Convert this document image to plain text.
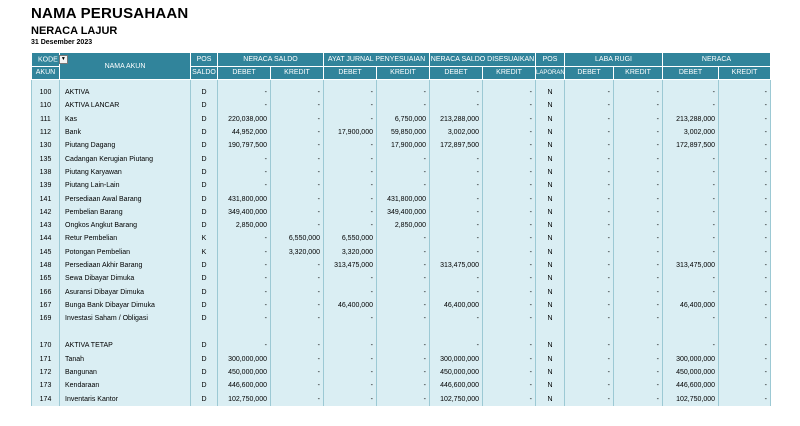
NAMA PERUSAHAAN
NERACA LAJUR
31 Desember 2023
KODE ▼	NAMA AKUN	POS	NERACA SALDO		AYAT JURNAL PENYESUAIAN		NERACA SALDO DISESUAIKAN		POS	LABA RUGI		NERACA	
AKUN		SALDO	DEBET	KREDIT	DEBET	KREDIT	DEBET	KREDIT	LAPORAN	DEBET	KREDIT	DEBET	KREDIT

100	AKTIVA	D	-	-	-	-	-	-	N	-	-	-	-
110	AKTIVA LANCAR	D	-	-	-	-	-	-	N	-	-	-	-
111	Kas	D	220,038,000	-	-	6,750,000	213,288,000	-	N	-	-	213,288,000	-
112	Bank	D	44,952,000	-	17,900,000	59,850,000	3,002,000	-	N	-	-	3,002,000	-
130	Piutang Dagang	D	190,797,500	-	-	17,900,000	172,897,500	-	N	-	-	172,897,500	-
135	Cadangan Kerugian Piutang	D	-	-	-	-	-	-	N	-	-	-	-
138	Piutang Karyawan	D	-	-	-	-	-	-	N	-	-	-	-
139	Piutang Lain-Lain	D	-	-	-	-	-	-	N	-	-	-	-
141	Persediaan Awal Barang	D	431,800,000	-	-	431,800,000	-	-	N	-	-	-	-
142	Pembelian Barang	D	349,400,000	-	-	349,400,000	-	-	N	-	-	-	-
143	Ongkos Angkut Barang	D	2,850,000	-	-	2,850,000	-	-	N	-	-	-	-
144	Retur Pembelian	K	-	6,550,000	6,550,000	-	-	-	N	-	-	-	-
145	Potongan Pembelian	K	-	3,320,000	3,320,000	-	-	-	N	-	-	-	-
148	Persediaan Akhir Barang	D	-	-	313,475,000	-	313,475,000	-	N	-	-	313,475,000	-
165	Sewa Dibayar Dimuka	D	-	-	-	-	-	-	N	-	-	-	-
166	Asuransi Dibayar Dimuka	D	-	-	-	-	-	-	N	-	-	-	-
167	Bunga Bank Dibayar Dimuka	D	-	-	46,400,000	-	46,400,000	-	N	-	-	46,400,000	-
169	Investasi Saham / Obligasi	D	-	-	-	-	-	-	N	-	-	-	-

170	AKTIVA TETAP	D	-	-	-	-	-	-	N	-	-	-	-
171	Tanah	D	300,000,000	-	-	-	300,000,000	-	N	-	-	300,000,000	-
172	Bangunan	D	450,000,000	-	-	-	450,000,000	-	N	-	-	450,000,000	-
173	Kendaraan	D	446,600,000	-	-	-	446,600,000	-	N	-	-	446,600,000	-
174	Inventaris Kantor	D	102,750,000	-	-	-	102,750,000	-	N	-	-	102,750,000	-
